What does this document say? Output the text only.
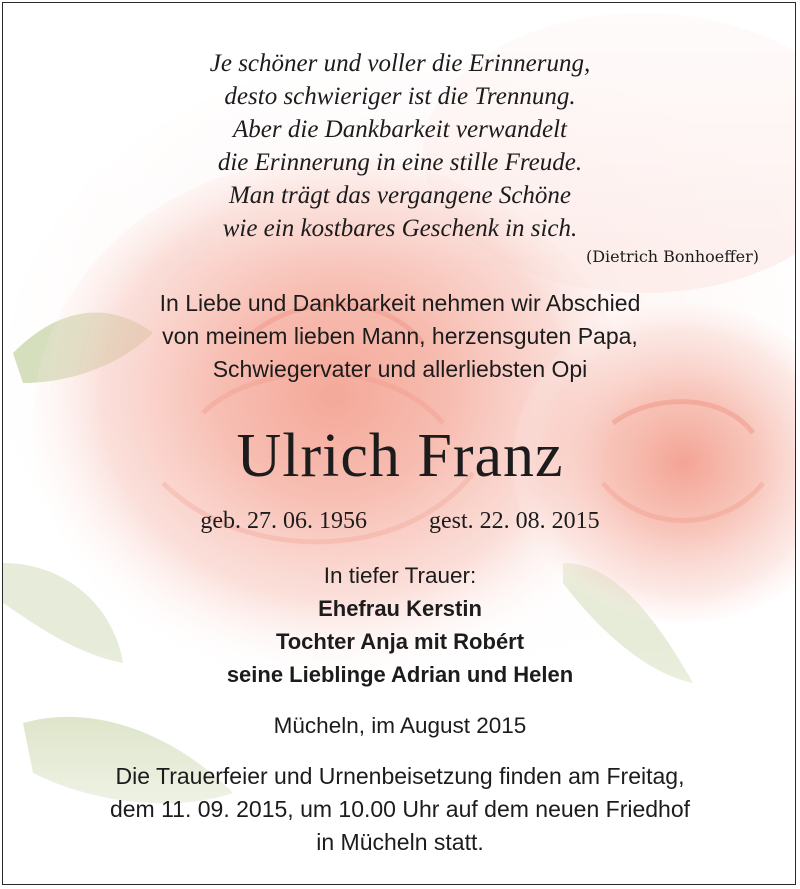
Je schöner und voller die Erinnerung,
desto schwieriger ist die Trennung.
Aber die Dankbarkeit verwandelt
die Erinnerung in eine stille Freude.
Man trägt das vergangene Schöne
wie ein kostbares Geschenk in sich.
(Dietrich Bonhoeffer)
In Liebe und Dankbarkeit nehmen wir Abschied
von meinem lieben Mann, herzensguten Papa,
Schwiegervater und allerliebsten Opi
Ulrich Franz
geb. 27. 06. 1956	gest. 22. 08. 2015
In tiefer Trauer:
Ehefrau Kerstin
Tochter Anja mit Robért
seine Lieblinge Adrian und Helen
Mücheln, im August 2015
Die Trauerfeier und Urnenbeisetzung finden am Freitag,
dem 11. 09. 2015, um 10.00 Uhr auf dem neuen Friedhof
in Mücheln statt.
